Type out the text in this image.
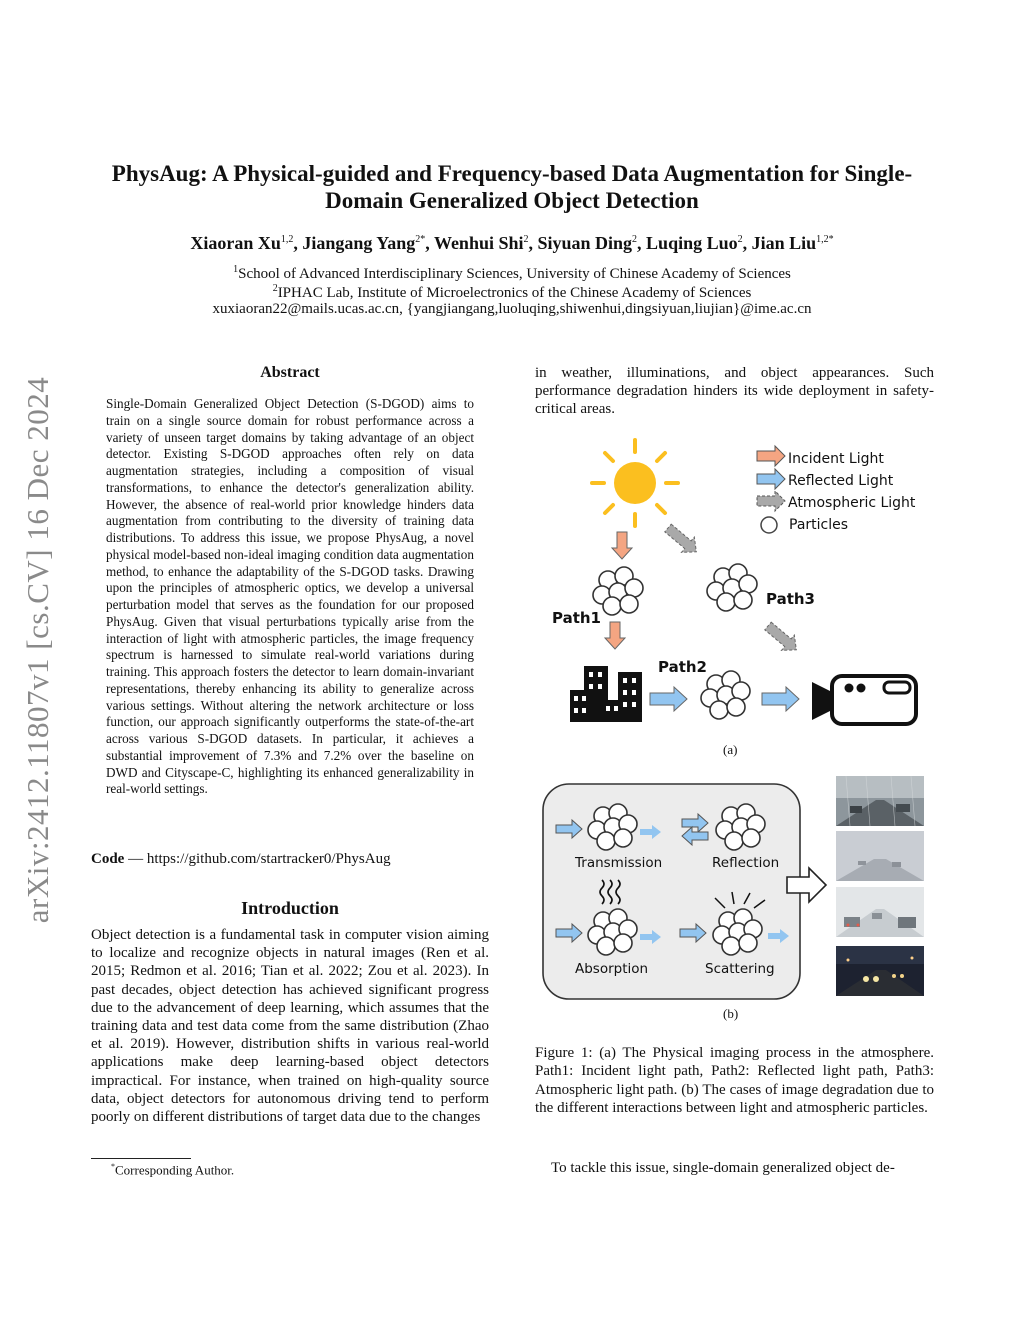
arXiv:2412.11807v1 [cs.CV] 16 Dec 2024
PhysAug: A Physical-guided and Frequency-based Data Augmentation for Single-Domain Generalized Object Detection
Xiaoran Xu$^{1,2}$, Jiangang Yang$^{2*}$, Wenhui Shi$^2$, Siyuan Ding$^2$, Luqing Luo$^2$, Jian Liu$^{1,2*}$
$^1$School of Advanced Interdisciplinary Sciences, University of Chinese Academy of Sciences
$^2$IPHAC Lab, Institute of Microelectronics of the Chinese Academy of Sciences
xuxiaoran22@mails.ucas.ac.cn, {yangjiangang,luoluqing,shiwenhui,dingsiyuan,liujian}@ime.ac.cn
Abstract
Single-Domain Generalized Object Detection (S-DGOD) aims to train on a single source domain for robust performance across a variety of unseen target domains by taking advantage of an object detector. Existing S-DGOD approaches often rely on data augmentation strategies, including a composition of visual transformations, to enhance the detector's generalization ability. However, the absence of real-world prior knowledge hinders data augmentation from contributing to the diversity of training data distributions. To address this issue, we propose PhysAug, a novel physical model-based non-ideal imaging condition data augmentation method, to enhance the adaptability of the S-DGOD tasks. Drawing upon the principles of atmospheric optics, we develop a universal perturbation model that serves as the foundation for our proposed PhysAug. Given that visual perturbations typically arise from the interaction of light with atmospheric particles, the image frequency spectrum is harnessed to simulate real-world variations during training. This approach fosters the detector to learn domain-invariant representations, thereby enhancing its ability to generalize across various settings. Without altering the network architecture or loss function, our approach significantly outperforms the state-of-the-art across various S-DGOD datasets. In particular, it achieves a substantial improvement of 7.3% and 7.2% over the baseline on DWD and Cityscape-C, highlighting its enhanced generalizability in real-world settings.
Code — https://github.com/startracker0/PhysAug
Introduction
Object detection is a fundamental task in computer vision aiming to localize and recognize objects in natural images (Ren et al. 2015; Redmon et al. 2016; Tian et al. 2022; Zou et al. 2023). In past decades, object detection has achieved significant progress due to the advancement of deep learning, which assumes that the training data and test data come from the same distribution (Zhao et al. 2019). However, distribution shifts in various real-world applications make deep learning-based object detectors impractical. For instance, when trained on high-quality source data, object detectors for autonomous driving tend to perform poorly on different distributions of target data due to the changes
*Corresponding Author.
in weather, illuminations, and object appearances. Such performance degradation hinders its wide deployment in safety-critical areas.
Incident Light
Reflected Light
Atmospheric Light
Particles
Path1
Path3
Path2
(a)
Transmission	Reflection
Absorption	Scattering
(b)
Figure 1: (a) The Physical imaging process in the atmosphere. Path1: Incident light path, Path2: Reflected light path, Path3: Atmospheric light path. (b) The cases of image degradation due to the different interactions between light and atmospheric particles.
To tackle this issue, single-domain generalized object de-
